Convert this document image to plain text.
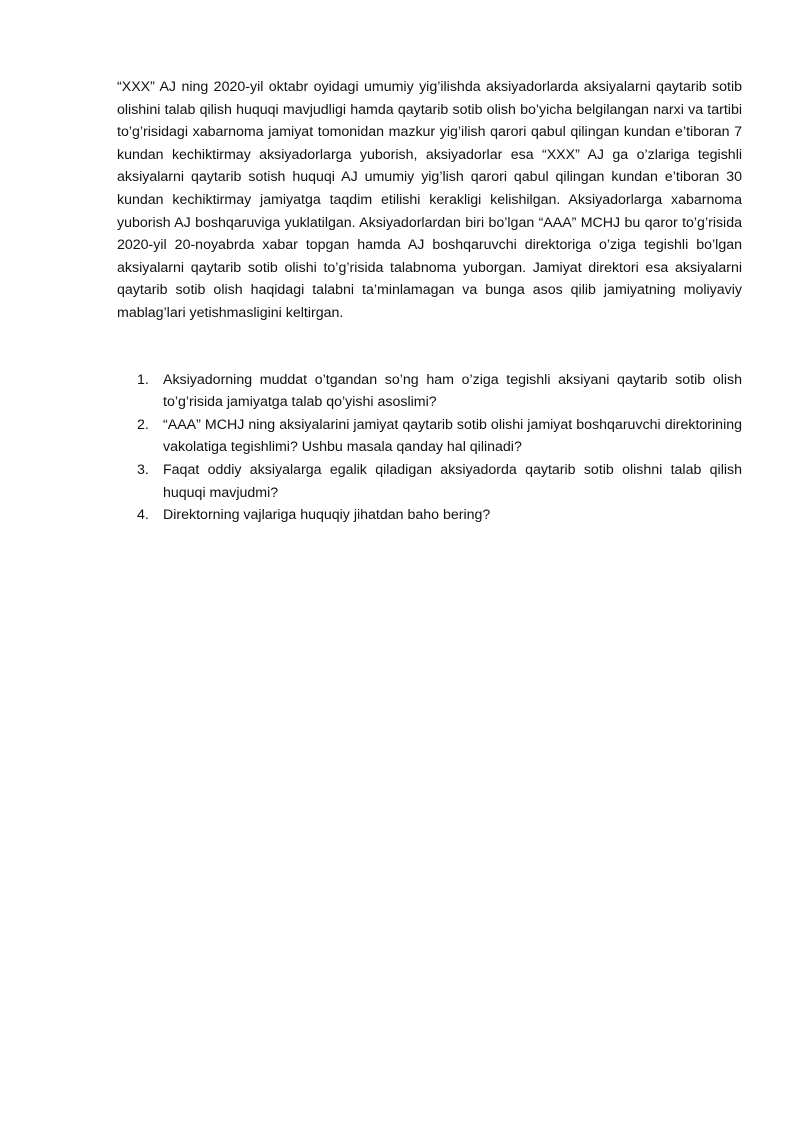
“XXX” AJ ning 2020-yil oktabr oyidagi umumiy yig’ilishda aksiyadorlarda aksiyalarni qaytarib sotib olishini talab qilish huquqi mavjudligi hamda qaytarib sotib olish bo’yicha belgilangan narxi va tartibi to’g’risidagi xabarnoma jamiyat tomonidan mazkur yig’ilish qarori qabul qilingan kundan e’tiboran 7 kundan kechiktirmay aksiyadorlarga yuborish, aksiyadorlar esa “XXX” AJ ga o’zlariga tegishli aksiyalarni qaytarib sotish huquqi AJ umumiy yig’lish qarori qabul qilingan kundan e’tiboran 30 kundan kechiktirmay jamiyatga taqdim etilishi kerakligi kelishilgan. Aksiyadorlarga xabarnoma yuborish AJ boshqaruviga yuklatilgan. Aksiyadorlardan biri bo’lgan “AAA” MCHJ bu qaror to’g’risida 2020-yil 20-noyabrda xabar topgan hamda AJ boshqaruvchi direktoriga o’ziga tegishli bo’lgan aksiyalarni qaytarib sotib olishi to’g’risida talabnoma yuborgan. Jamiyat direktori esa aksiyalarni qaytarib sotib olish haqidagi talabni ta’minlamagan va bunga asos qilib jamiyatning moliyaviy mablag’lari yetishmasligini keltirgan.

1. Aksiyadorning muddat o’tgandan so’ng ham o’ziga tegishli aksiyani qaytarib sotib olish to’g’risida jamiyatga talab qo’yishi asoslimi?
2. “AAA” MCHJ ning aksiyalarini jamiyat qaytarib sotib olishi jamiyat boshqaruvchi direktorining vakolatiga tegishlimi? Ushbu masala qanday hal qilinadi?
3. Faqat oddiy aksiyalarga egalik qiladigan aksiyadorda qaytarib sotib olishni talab qilish huquqi mavjudmi?
4. Direktorning vajlariga huquqiy jihatdan baho bering?
